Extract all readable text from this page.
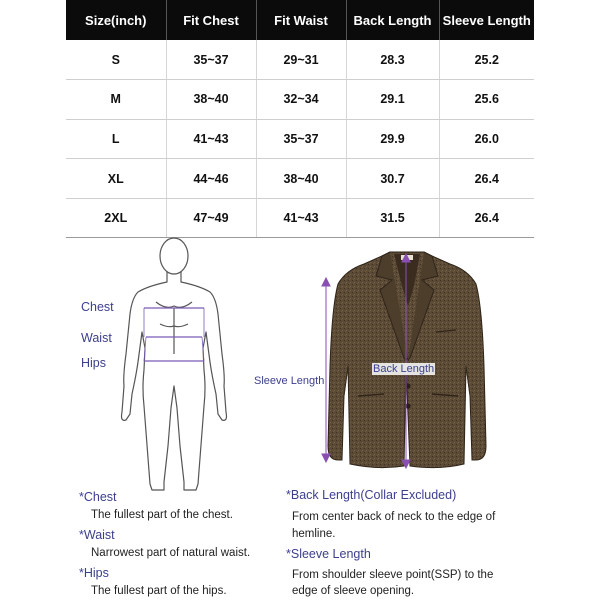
Size(inch)	Fit Chest	Fit Waist	Back Length	Sleeve Length
S	35~37	29~31	28.3	25.2
M	38~40	32~34	29.1	25.6
L	41~43	35~37	29.9	26.0
XL	44~46	38~40	30.7	26.4
2XL	47~49	41~43	31.5	26.4
Chest
Waist
Hips
Sleeve Length
Back Length
*Chest
The fullest part of the chest.
*Waist
Narrowest part of natural waist.
*Hips
The fullest part of the hips.
*Back Length(Collar Excluded)
From center back of neck to the edge of
hemline.
*Sleeve Length
From shoulder sleeve point(SSP) to the
edge of sleeve opening.
